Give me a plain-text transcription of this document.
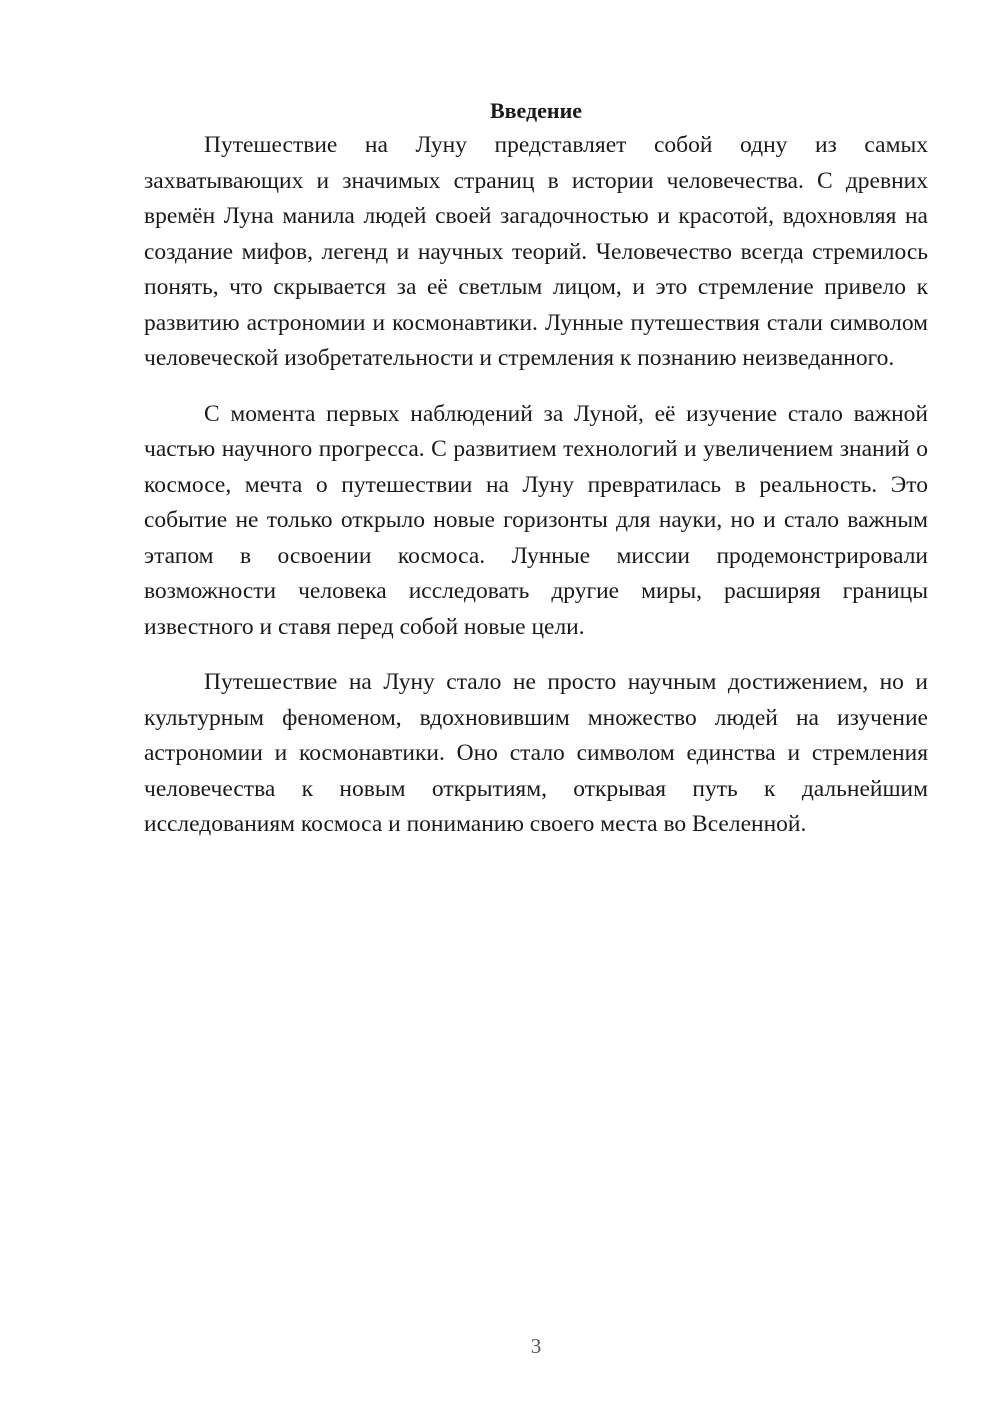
Введение

Путешествие на Луну представляет собой одну из самых захватывающих и значимых страниц в истории человечества. С древних времён Луна манила людей своей загадочностью и красотой, вдохновляя на создание мифов, легенд и научных теорий. Человечество всегда стремилось понять, что скрывается за её светлым лицом, и это стремление привело к развитию астрономии и космонавтики. Лунные путешествия стали символом человеческой изобретательности и стремления к познанию неизведанного.

С момента первых наблюдений за Луной, её изучение стало важной частью научного прогресса. С развитием технологий и увеличением знаний о космосе, мечта о путешествии на Луну превратилась в реальность. Это событие не только открыло новые горизонты для науки, но и стало важным этапом в освоении космоса. Лунные миссии продемонстрировали возможности человека исследовать другие миры, расширяя границы известного и ставя перед собой новые цели.

Путешествие на Луну стало не просто научным достижением, но и культурным феноменом, вдохновившим множество людей на изучение астрономии и космонавтики. Оно стало символом единства и стремления человечества к новым открытиям, открывая путь к дальнейшим исследованиям космоса и пониманию своего места во Вселенной.

3
